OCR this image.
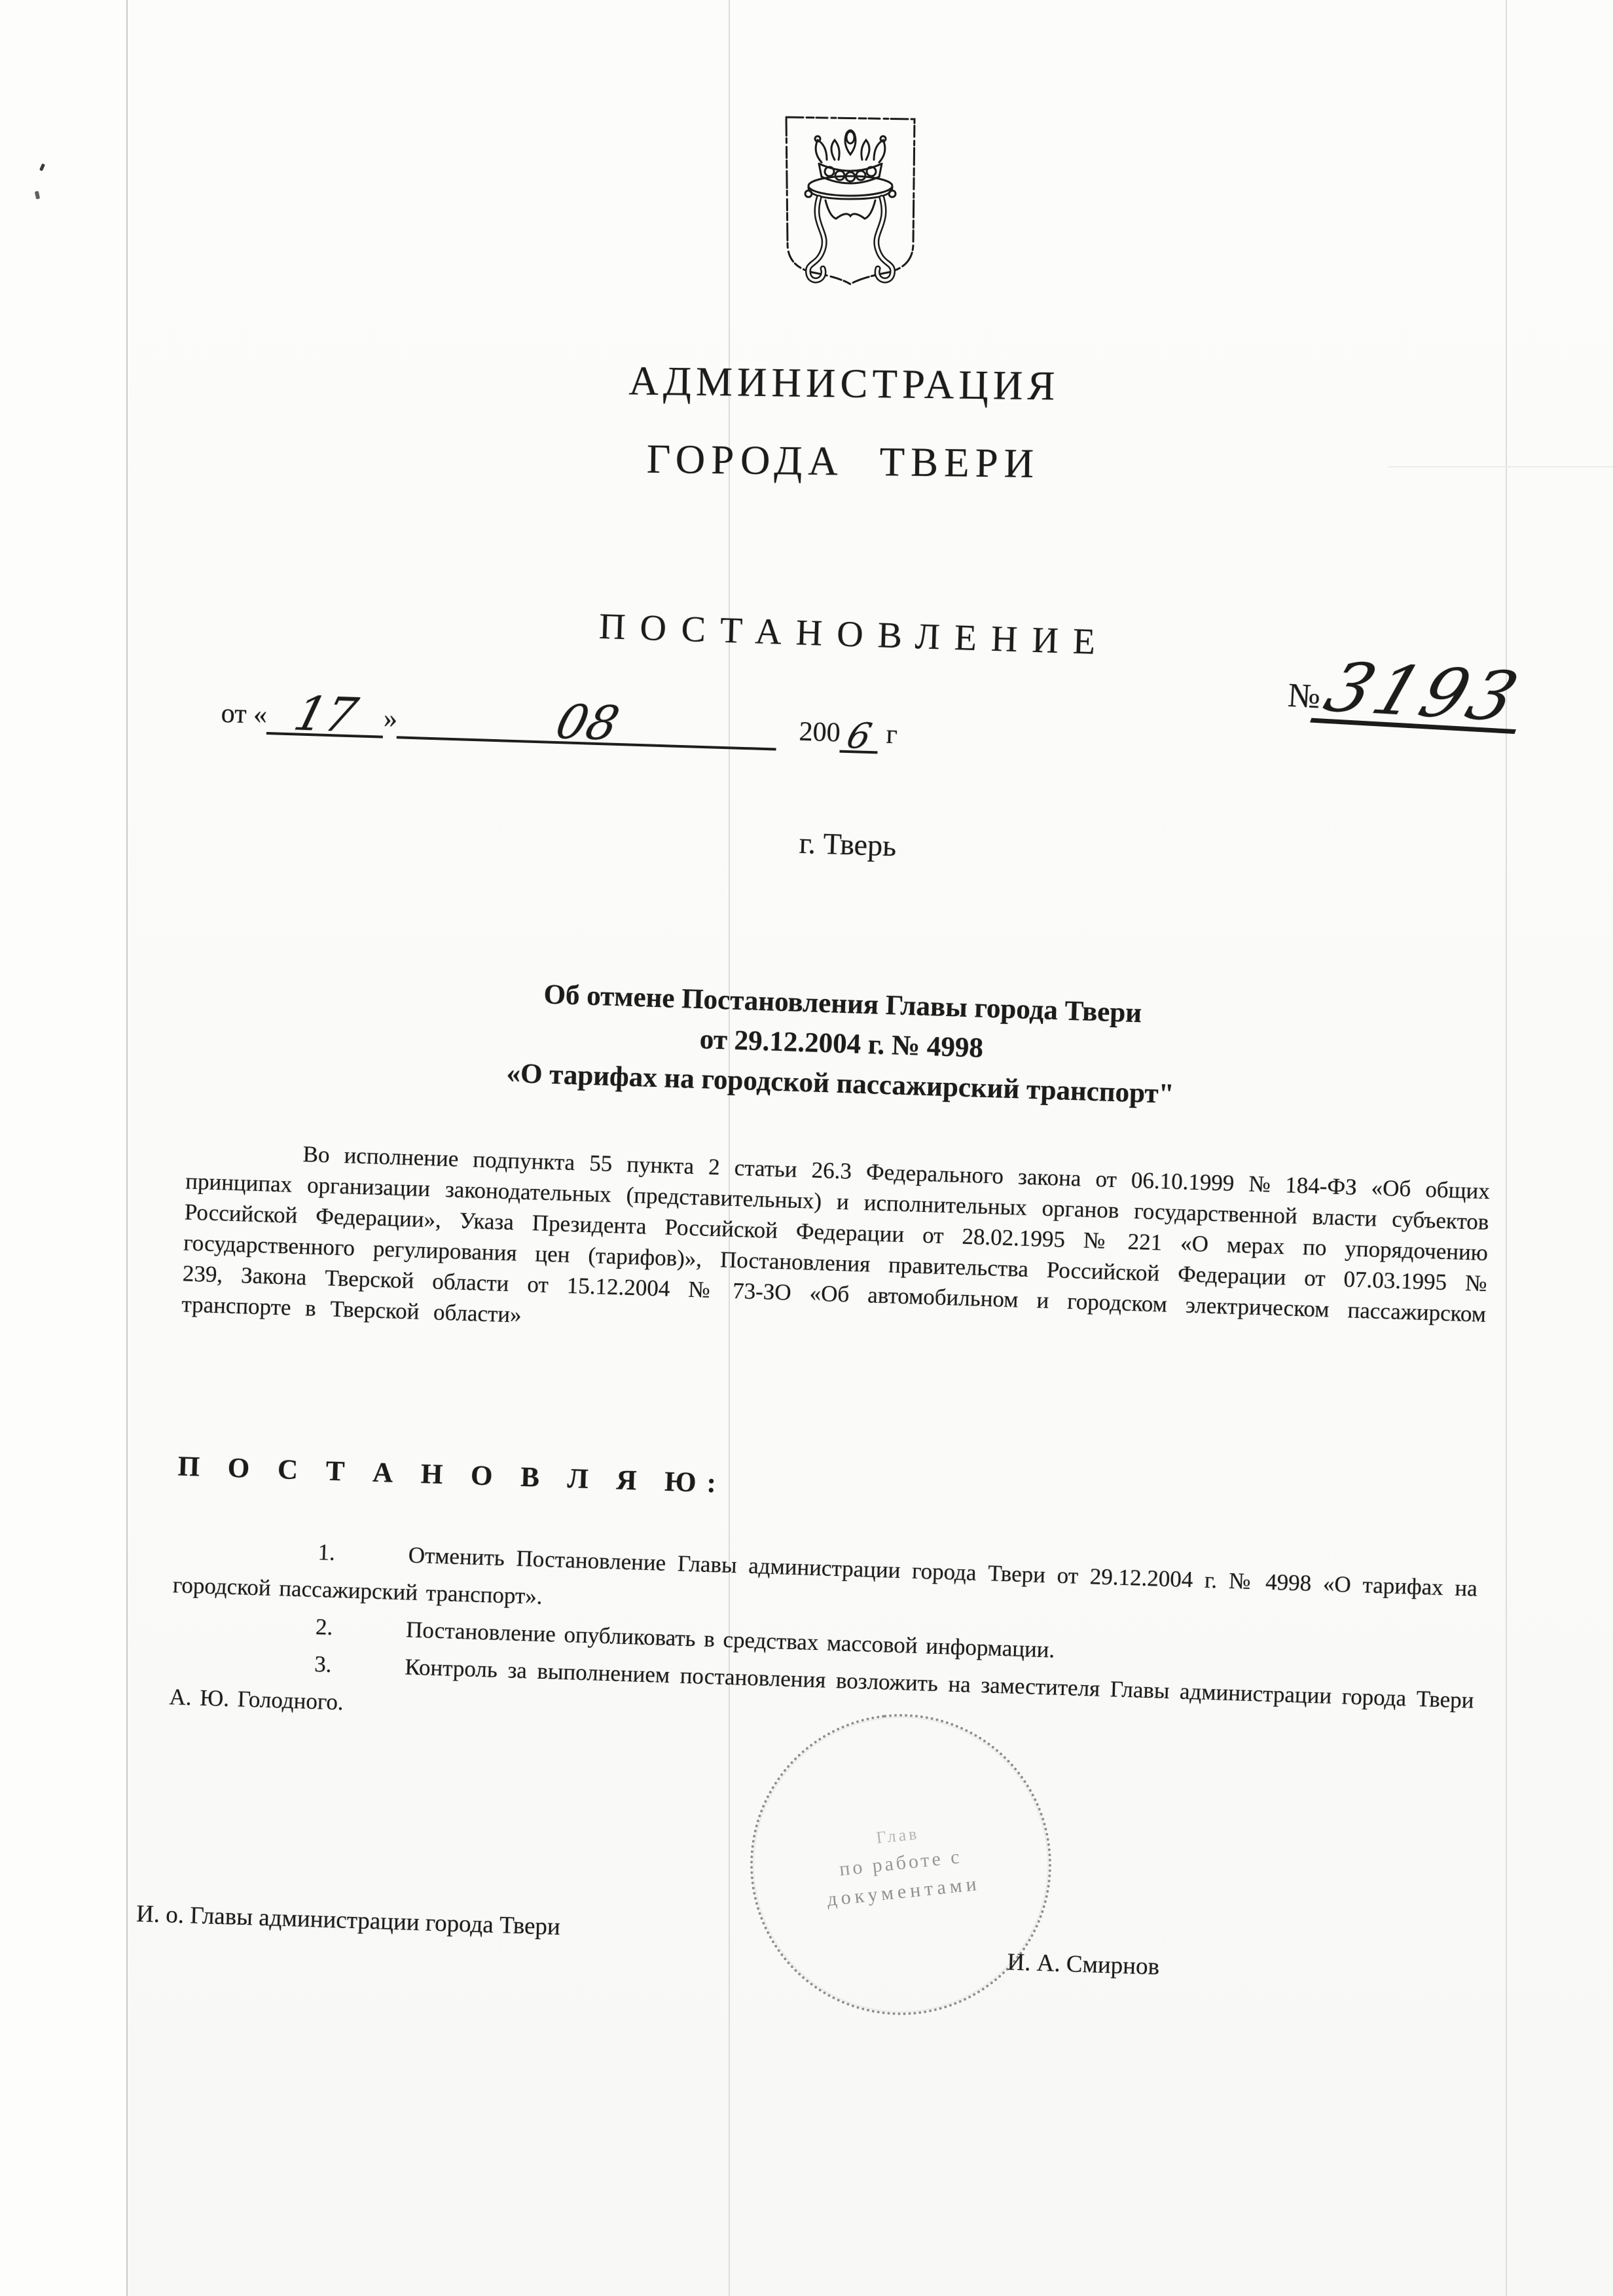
АДМИНИСТРАЦИЯ
ГОРОДА ТВЕРИ
ПОСТАНОВЛЕНИЕ
от « 17 »	08	200 6 г
№
3193
г. Тверь
Об отмене Постановления Главы города Твери
от 29.12.2004 г. № 4998
«О тарифах на городской пассажирский транспорт"
Во исполнение подпункта 55 пункта 2 статьи 26.3 Федерального закона от 06.10.1999 № 184-ФЗ «Об общих принципах организации законодательных (представительных) и исполнительных органов государственной власти субъектов Российской Федерации», Указа Президента Российской Федерации от 28.02.1995 № 221 «О мерах по упорядочению государственного регулирования цен (тарифов)», Постановления правительства Российской Федерации от 07.03.1995 № 239, Закона Тверской области от 15.12.2004 № 73-ЗО «Об автомобильном и городском электрическом пассажирском транспорте в Тверской области»
П О С Т А Н О В Л Я Ю:

1.	Отменить Постановление Главы администрации города Твери от 29.12.2004 г. № 4998 «О тарифах на городской пассажирский транспорт».

2.	Постановление опубликовать в средствах массовой информации.

3.	Контроль за выполнением постановления возложить на заместителя Главы администрации города Твери А. Ю. Голодного.

И. о. Главы администрации города Твери
И. А. Смирнов
Глав
по работе с
документами
